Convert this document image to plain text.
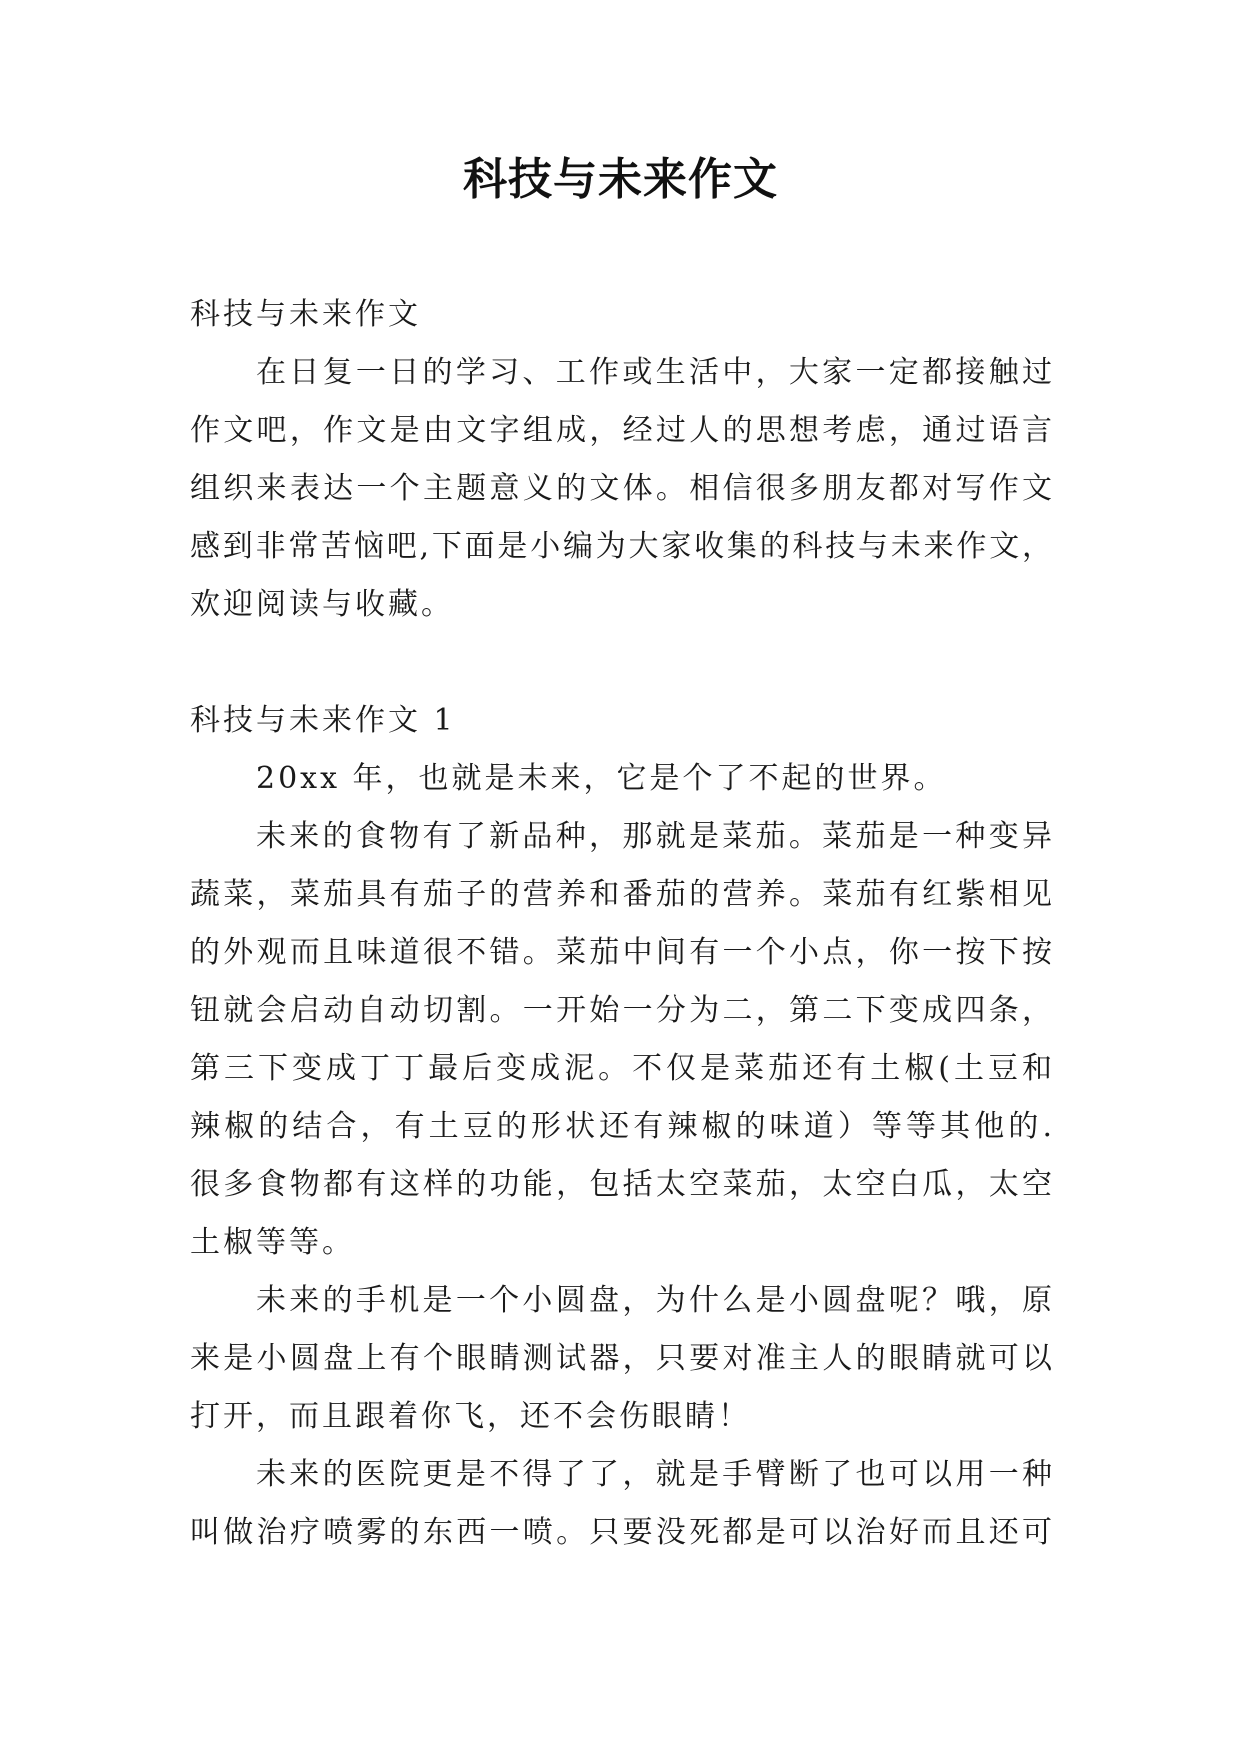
科技与未来作文
科技与未来作文
在日复一日的学习、工作或生活中，大家一定都接触过
作文吧，作文是由文字组成，经过人的思想考虑，通过语言
组织来表达一个主题意义的文体。相信很多朋友都对写作文
感到非常苦恼吧,下面是小编为大家收集的科技与未来作文，
欢迎阅读与收藏。
科技与未来作文 1
20xx 年，也就是未来，它是个了不起的世界。
未来的食物有了新品种，那就是菜茄。菜茄是一种变异
蔬菜，菜茄具有茄子的营养和番茄的营养。菜茄有红紫相见
的外观而且味道很不错。菜茄中间有一个小点，你一按下按
钮就会启动自动切割。一开始一分为二，第二下变成四条，
第三下变成丁丁最后变成泥。不仅是菜茄还有土椒(土豆和
辣椒的结合，有土豆的形状还有辣椒的味道）等等其他的.
很多食物都有这样的功能，包括太空菜茄，太空白瓜，太空
土椒等等。
未来的手机是一个小圆盘，为什么是小圆盘呢？哦，原
来是小圆盘上有个眼睛测试器，只要对准主人的眼睛就可以
打开，而且跟着你飞，还不会伤眼睛！
未来的医院更是不得了了，就是手臂断了也可以用一种
叫做治疗喷雾的东西一喷。只要没死都是可以治好而且还可
